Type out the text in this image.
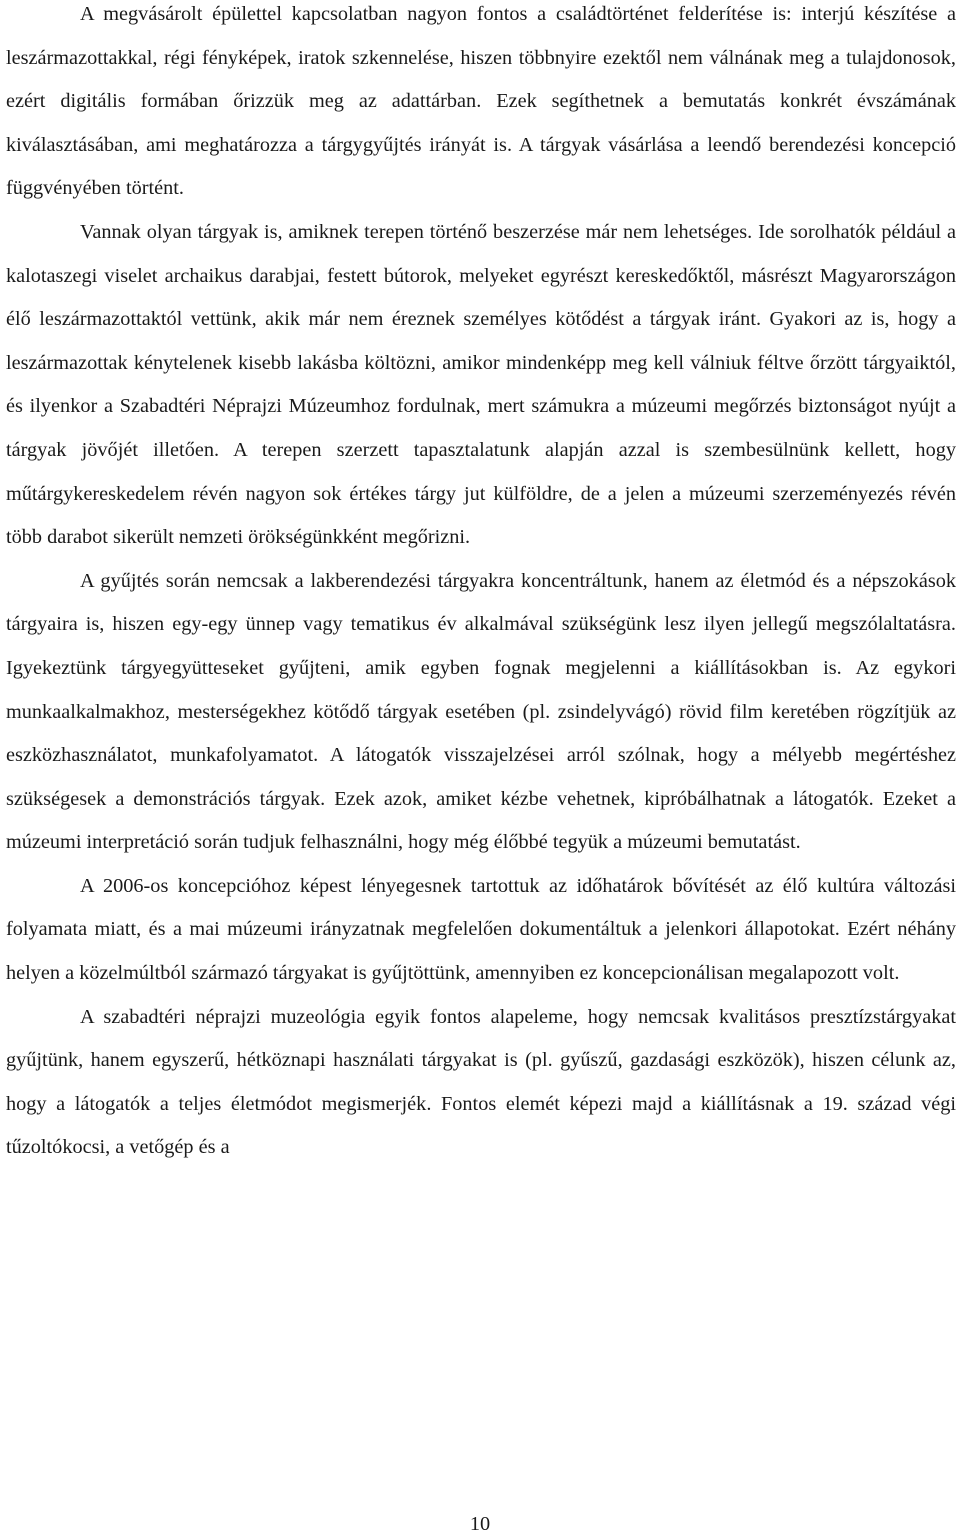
A megvásárolt épülettel kapcsolatban nagyon fontos a családtörténet felderítése is: interjú készítése a leszármazottakkal, régi fényképek, iratok szkennelése, hiszen többnyire ezektől nem válnának meg a tulajdonosok, ezért digitális formában őrizzük meg az adattárban. Ezek segíthetnek a bemutatás konkrét évszámának kiválasztásában, ami meghatározza a tárgygyűjtés irányát is. A tárgyak vásárlása a leendő berendezési koncepció függvényében történt.

Vannak olyan tárgyak is, amiknek terepen történő beszerzése már nem lehetséges. Ide sorolhatók például a kalotaszegi viselet archaikus darabjai, festett bútorok, melyeket egyrészt kereskedőktől, másrészt Magyarországon élő leszármazottaktól vettünk, akik már nem éreznek személyes kötődést a tárgyak iránt. Gyakori az is, hogy a leszármazottak kénytelenek kisebb lakásba költözni, amikor mindenképp meg kell válniuk féltve őrzött tárgyaiktól, és ilyenkor a Szabadtéri Néprajzi Múzeumhoz fordulnak, mert számukra a múzeumi megőrzés biztonságot nyújt a tárgyak jövőjét illetően. A terepen szerzett tapasztalatunk alapján azzal is szembesülnünk kellett, hogy műtárgykereskedelem révén nagyon sok értékes tárgy jut külföldre, de a jelen a múzeumi szerzeményezés révén több darabot sikerült nemzeti örökségünkként megőrizni.

A gyűjtés során nemcsak a lakberendezési tárgyakra koncentráltunk, hanem az életmód és a népszokások tárgyaira is, hiszen egy-egy ünnep vagy tematikus év alkalmával szükségünk lesz ilyen jellegű megszólaltatásra. Igyekeztünk tárgyegyütteseket gyűjteni, amik egyben fognak megjelenni a kiállításokban is. Az egykori munkaalkalmakhoz, mesterségekhez kötődő tárgyak esetében (pl. zsindelyvágó) rövid film keretében rögzítjük az eszközhasználatot, munkafolyamatot. A látogatók visszajelzései arról szólnak, hogy a mélyebb megértéshez szükségesek a demonstrációs tárgyak. Ezek azok, amiket kézbe vehetnek, kipróbálhatnak a látogatók. Ezeket a múzeumi interpretáció során tudjuk felhasználni, hogy még élőbbé tegyük a múzeumi bemutatást.

A 2006-os koncepcióhoz képest lényegesnek tartottuk az időhatárok bővítését az élő kultúra változási folyamata miatt, és a mai múzeumi irányzatnak megfelelően dokumentáltuk a jelenkori állapotokat. Ezért néhány helyen a közelmúltból származó tárgyakat is gyűjtöttünk, amennyiben ez koncepcionálisan megalapozott volt.

A szabadtéri néprajzi muzeológia egyik fontos alapeleme, hogy nemcsak kvalitásos presztízstárgyakat gyűjtünk, hanem egyszerű, hétköznapi használati tárgyakat is (pl. gyűszű, gazdasági eszközök), hiszen célunk az, hogy a látogatók a teljes életmódot megismerjék. Fontos elemét képezi majd a kiállításnak a 19. század végi tűzoltókocsi, a vetőgép és a

10
